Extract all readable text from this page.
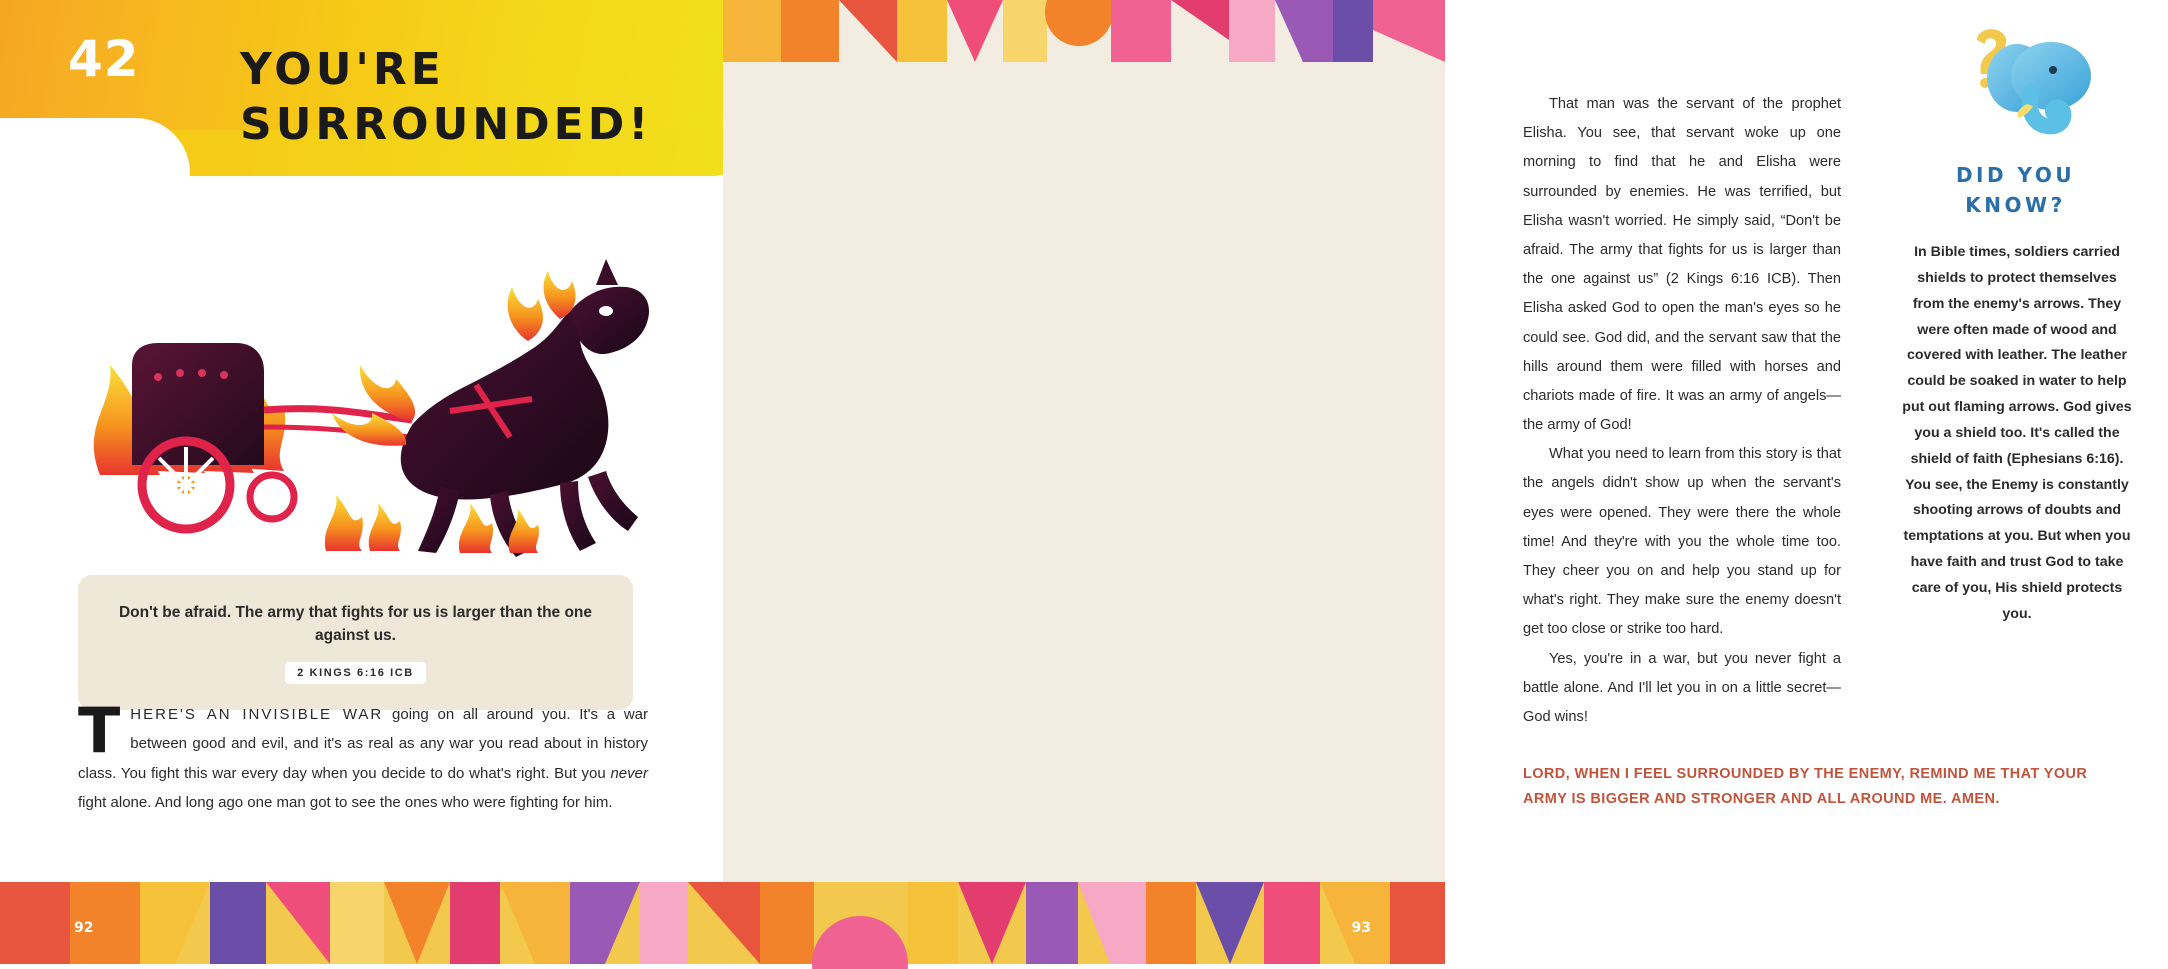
42 YOU'RE SURROUNDED!
Don't be afraid. The army that fights for us is larger than the one against us.
2 KINGS 6:16 ICB
THERE'S AN INVISIBLE WAR going on all around you. It's a war between good and evil, and it's as real as any war you read about in history class. You fight this war every day when you decide to do what's right. But you never fight alone. And long ago one man got to see the ones who were fighting for him.

That man was the servant of the prophet Elisha. You see, that servant woke up one morning to find that he and Elisha were surrounded by enemies. He was terrified, but Elisha wasn't worried. He simply said, “Don't be afraid. The army that fights for us is larger than the one against us” (2 Kings 6:16 ICB). Then Elisha asked God to open the man's eyes so he could see. God did, and the servant saw that the hills around them were filled with horses and chariots made of fire. It was an army of angels—the army of God!

What you need to learn from this story is that the angels didn't show up when the servant's eyes were opened. They were there the whole time! And they're with you the whole time too. They cheer you on and help you stand up for what's right. They make sure the enemy doesn't get too close or strike too hard.

Yes, you're in a war, but you never fight a battle alone. And I'll let you in on a little secret—God wins!

LORD, WHEN I FEEL SURROUNDED BY THE ENEMY, REMIND ME THAT YOUR ARMY IS BIGGER AND STRONGER AND ALL AROUND ME. AMEN.
DID YOU
KNOW?
In Bible times, soldiers carried shields to protect themselves from the enemy's arrows. They were often made of wood and covered with leather. The leather could be soaked in water to help put out flaming arrows. God gives you a shield too. It's called the shield of faith (Ephesians 6:16). You see, the Enemy is constantly shooting arrows of doubts and temptations at you. But when you have faith and trust God to take care of you, His shield protects you.
92	93
